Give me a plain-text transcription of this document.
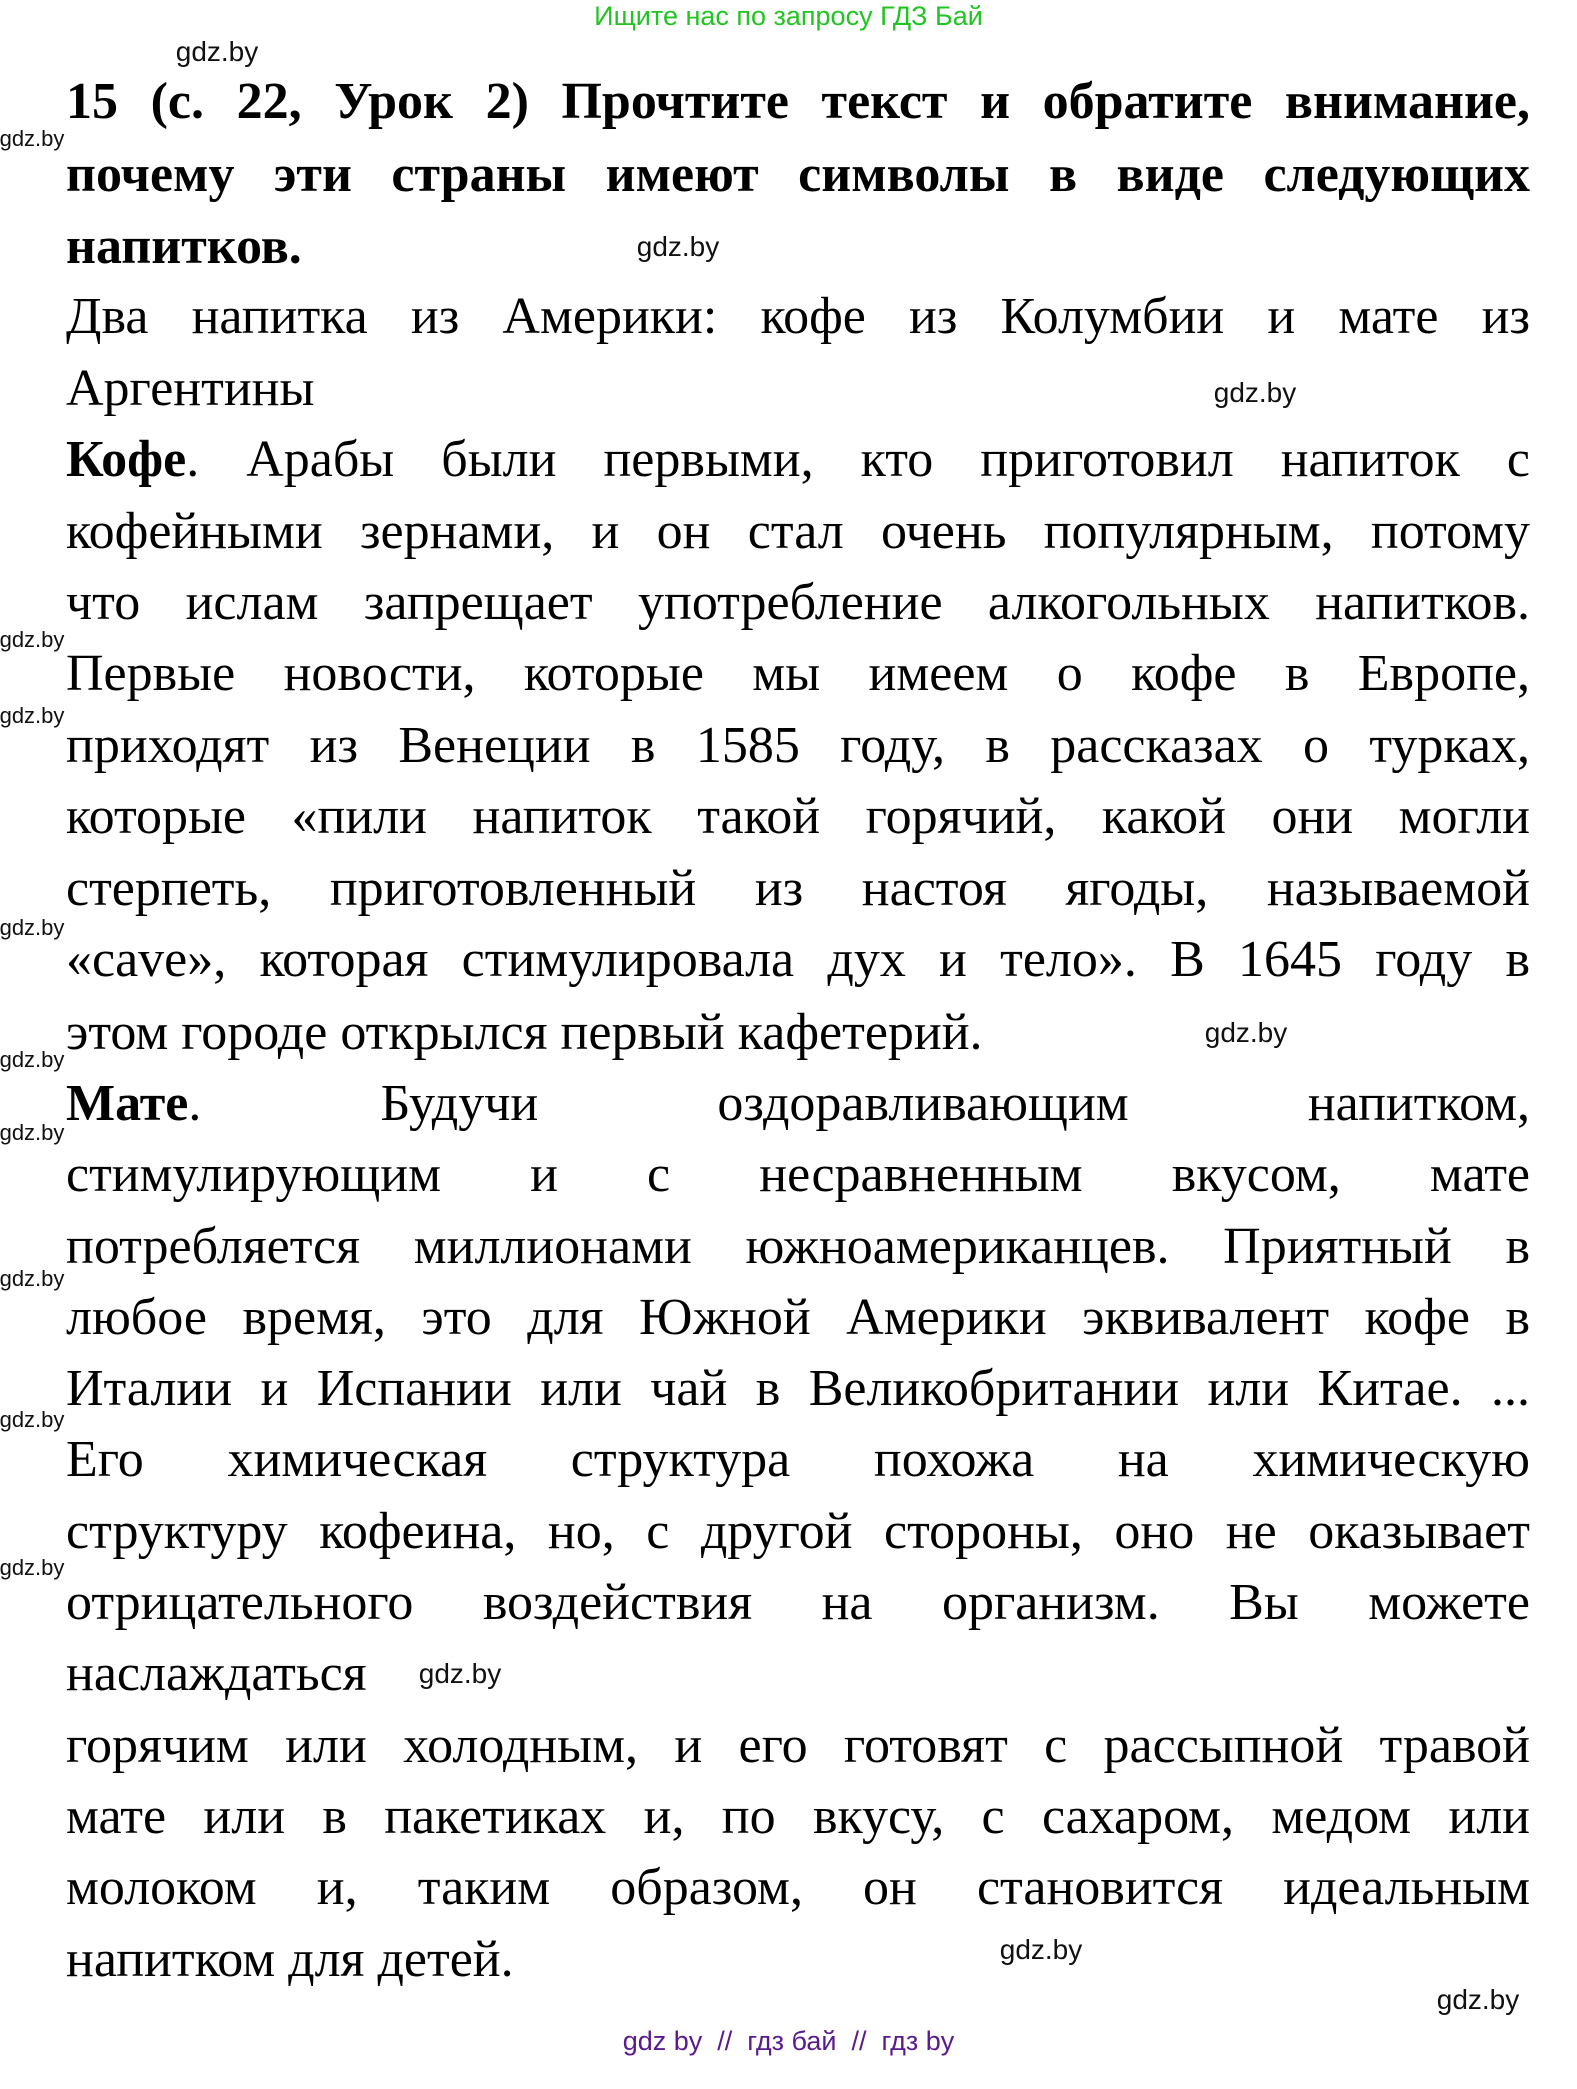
Ищите нас по запросу ГДЗ Бай
15 (с. 22, Урок 2) Прочтите текст и обратите внимание,
почему эти страны имеют символы в виде следующих
напитков.
Два напитка из Америки: кофе из Колумбии и мате из
Аргентины
Кофе. Арабы были первыми, кто приготовил напиток с
кофейными зернами, и он стал очень популярным, потому
что ислам запрещает употребление алкогольных напитков.
Первые новости, которые мы имеем о кофе в Европе,
приходят из Венеции в 1585 году, в рассказах о турках,
которые «пили напиток такой горячий, какой они могли
стерпеть, приготовленный из настоя ягоды, называемой
«cave», которая стимулировала дух и тело». В 1645 году в
этом городе открылся первый кафетерий.
Мате.       Будучи       оздоравливающим       напитком,
стимулирующим и с несравненным вкусом, мате
потребляется миллионами южноамериканцев. Приятный в
любое время, это для Южной Америки эквивалент кофе в
Италии и Испании или чай в Великобритании или Китае. ...
Его химическая структура похожа на химическую
структуру кофеина, но, с другой стороны, оно не оказывает
отрицательного воздействия на организм. Вы можете
наслаждаться
горячим или холодным, и его готовят с рассыпной травой
мате или в пакетиках и, по вкусу, с сахаром, медом или
молоком и, таким образом, он становится идеальным
напитком для детей.
gdz.by
gdz.by
gdz.by
gdz.by
gdz.by
gdz.by
gdz.by
gdz.by
gdz.by
gdz.by
gdz.by
gdz.by
gdz.by
gdz.by
gdz.by
gdz.by
gdz by  //  гдз бай  //  гдз by
